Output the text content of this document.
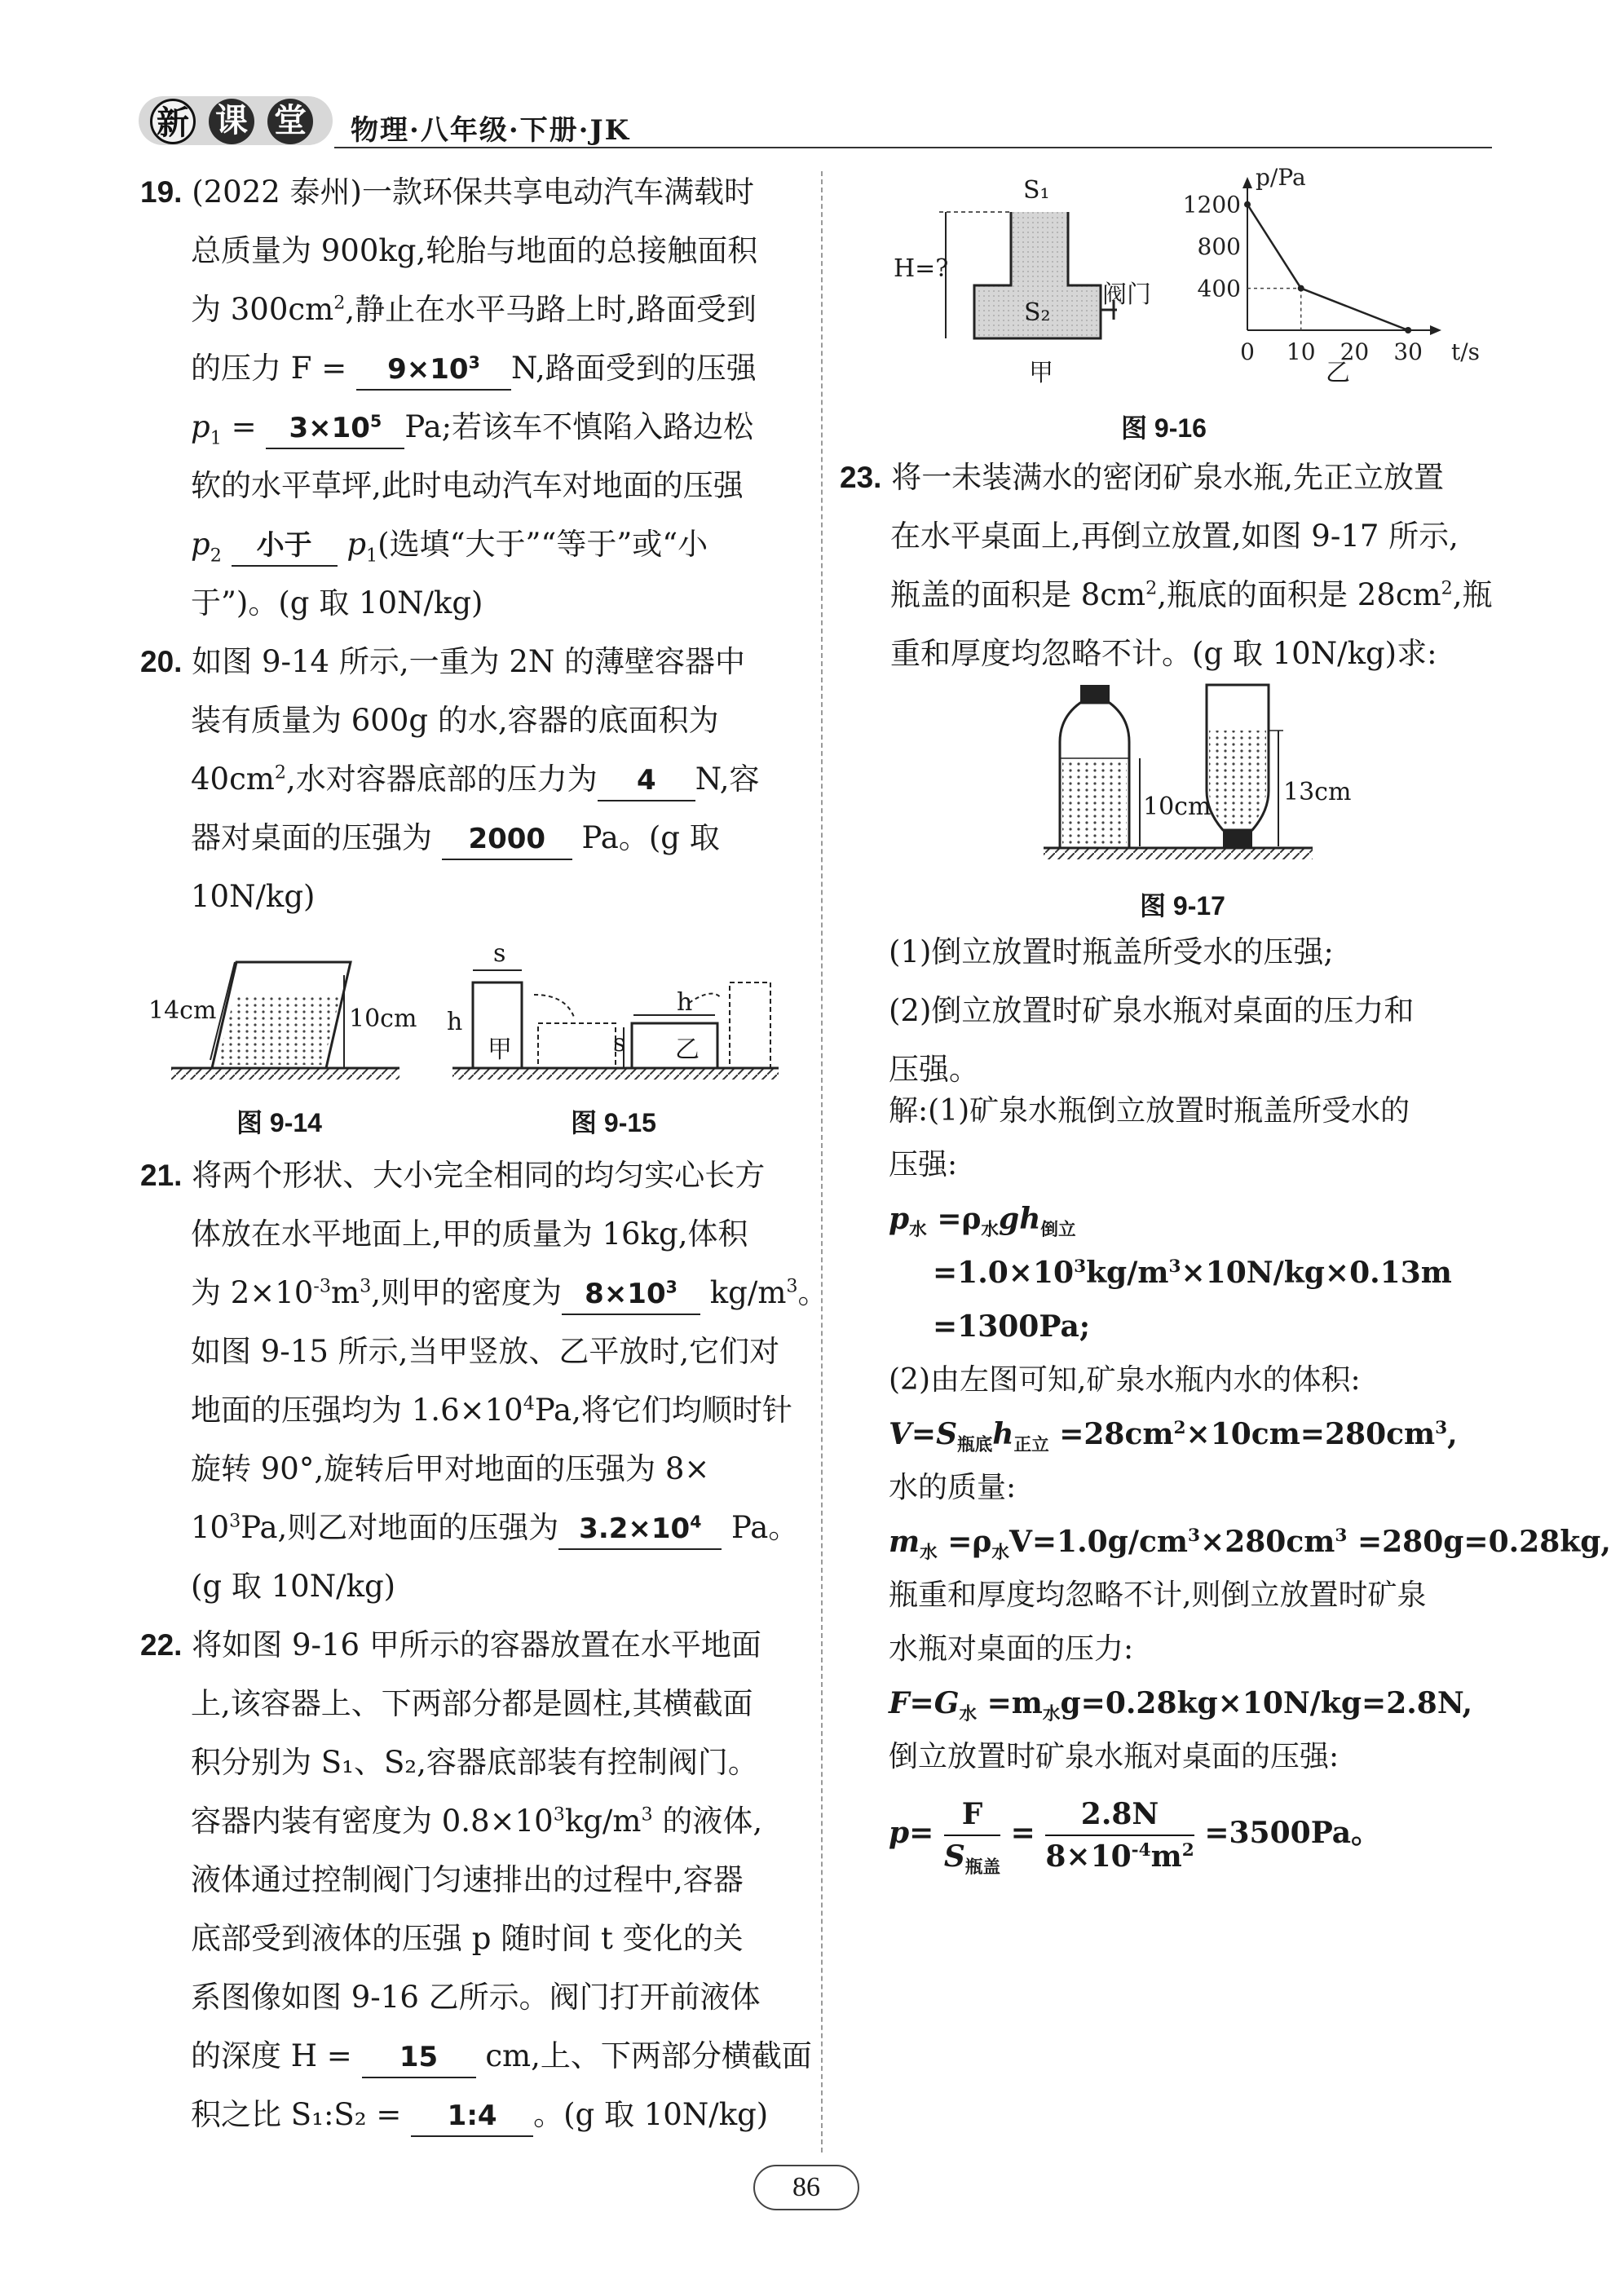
新 课 堂 物理·八年级·下册·JK
19. (2022 泰州)一款环保共享电动汽车满载时
总质量为 900kg,轮胎与地面的总接触面积
为 $300cm^2$,静止在水平马路上时,路面受到
的压力 $F = 9\times 10^3$ N,路面受到的压强
$p_1 = 3\times 10^5$ Pa;若该车不慎陷入路边松
软的水平草坪,此时电动汽车对地面的压强
$p_2$ 小于 $p_1$(选填“大于”“等于”或“小
于”)。(g 取 10N/kg)
20. 如图 9-14 所示,一重为 2N 的薄壁容器中
装有质量为 600g 的水,容器的底面积为
$40cm^2$,水对容器底部的压力为 4 N,容
器对桌面的压强为 2000 Pa。(g 取
10N/kg)
14cm	10cm
图 9-14
s
h
甲
h
s 乙
图 9-15
21. 将两个形状、大小完全相同的均匀实心长方
体放在水平地面上,甲的质量为 16kg,体积
为 $2\times 10^{-3}m^3$,则甲的密度为 $8\times 10^3$ $kg/m^3$。
如图 9-15 所示,当甲竖放、乙平放时,它们对
地面的压强均为 $1.6\times 10^4Pa$,将它们均顺时针
旋转 90°,旋转后甲对地面的压强为 8×
$10^3Pa$,则乙对地面的压强为 $3.2\times 10^4$ Pa。
(g 取 10N/kg)
22. 将如图 9-16 甲所示的容器放置在水平地面
上,该容器上、下两部分都是圆柱,其横截面
积分别为 S₁、S₂,容器底部装有控制阀门。
容器内装有密度为 $0.8\times 10^3kg/m^3$ 的液体,
液体通过控制阀门匀速排出的过程中,容器
底部受到液体的压强 p 随时间 t 变化的关
系图像如图 9-16 乙所示。阀门打开前液体
的深度 H = 15 cm,上、下两部分横截面
积之比 S₁:S₂ = 1:4 。(g 取 10N/kg)
H=?
S₁
S₂
阀门
甲
1200
800
400
0 10 20 30
p/Pa
t/s
乙
图 9-16
23. 将一未装满水的密闭矿泉水瓶,先正立放置
在水平桌面上,再倒立放置,如图 9-17 所示,
瓶盖的面积是 $8cm^2$,瓶底的面积是 $28cm^2$,瓶
重和厚度均忽略不计。(g 取 10N/kg)求:
10cm
13cm
图 9-17
(1)倒立放置时瓶盖所受水的压强;
(2)倒立放置时矿泉水瓶对桌面的压力和
压强。
解:(1)矿泉水瓶倒立放置时瓶盖所受水的
压强:
$p_水 =\rho_水gh_{倒立}$
$=1.0\times 10^3kg/m^3\times 10N/kg\times 0.13m$
=1300Pa;
(2)由左图可知,矿泉水瓶内水的体积:
$V=S_{瓶底}h_{正立} =28cm^2\times 10cm=280cm^3$,
水的质量:
$m_水 =\rho_水V=1.0g/cm^3\times 280cm^3 =280g=0.28kg$,
瓶重和厚度均忽略不计,则倒立放置时矿泉
水瓶对桌面的压力:
$F=G_水 =m_水g=0.28kg\times 10N/kg=2.8N$,
倒立放置时矿泉水瓶对桌面的压强:
$p= \frac{F}{S_{瓶盖}} = \frac{2.8N}{8\times 10^{-4}m^2} =3500Pa$。
86
